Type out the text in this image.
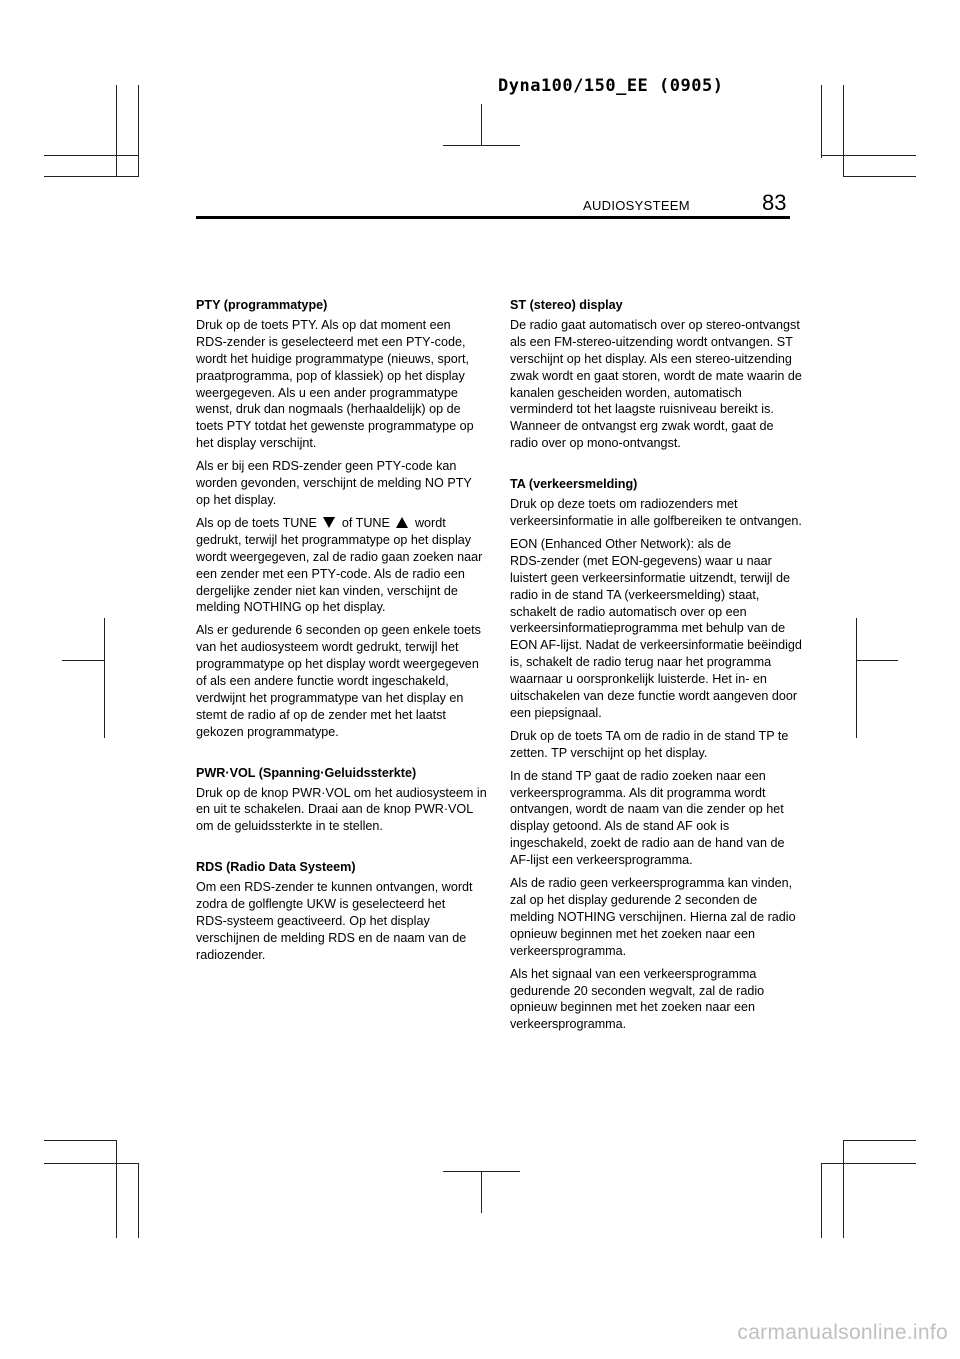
Dyna100/150_EE (0905)
AUDIOSYSTEEM	83
PTY (programmatype)

Druk op de toets PTY. Als op dat moment een RDS‑zender is geselecteerd met een PTY‑code, wordt het huidige programmatype (nieuws, sport, praatprogramma, pop of klassiek) op het display weergegeven. Als u een ander programmatype wenst, druk dan nogmaals (herhaaldelijk) op de toets PTY totdat het gewenste programmatype op het display verschijnt.

Als er bij een RDS‑zender geen PTY‑code kan worden gevonden, verschijnt de melding NO PTY op het display.

Als op de toets TUNE of TUNE wordt gedrukt, terwijl het programmatype op het display wordt weergegeven, zal de radio gaan zoeken naar een zender met een PTY‑code. Als de radio een dergelijke zender niet kan vinden, verschijnt de melding NOTHING op het display.

Als er gedurende 6 seconden op geen enkele toets van het audiosysteem wordt gedrukt, terwijl het programmatype op het display wordt weergegeven of als een andere functie wordt ingeschakeld, verdwijnt het programmatype van het display en stemt de radio af op de zender met het laatst gekozen programmatype.

PWR·VOL (Spanning·Geluidssterkte)

Druk op de knop PWR·VOL om het audiosysteem in en uit te schakelen. Draai aan de knop PWR·VOL om de geluidssterkte in te stellen.

RDS (Radio Data Systeem)

Om een RDS‑zender te kunnen ontvangen, wordt zodra de golflengte UKW is geselecteerd het RDS‑systeem geactiveerd. Op het display verschijnen de melding RDS en de naam van de radiozender.

ST (stereo) display

De radio gaat automatisch over op stereo‑ontvangst als een FM‑stereo‑uitzending wordt ontvangen. ST verschijnt op het display. Als een stereo‑uitzending zwak wordt en gaat storen, wordt de mate waarin de kanalen gescheiden worden, automatisch verminderd tot het laagste ruisniveau bereikt is. Wanneer de ontvangst erg zwak wordt, gaat de radio over op mono‑ontvangst.

TA (verkeersmelding)

Druk op deze toets om radiozenders met verkeersinformatie in alle golfbereiken te ontvangen.

EON (Enhanced Other Network): als de RDS‑zender (met EON‑gegevens) waar u naar luistert geen verkeersinformatie uitzendt, terwijl de radio in de stand TA (verkeersmelding) staat, schakelt de radio automatisch over op een verkeersinformatieprogramma met behulp van de EON AF‑lijst. Nadat de verkeersinformatie beëindigd is, schakelt de radio terug naar het programma waarnaar u oorspronkelijk luisterde. Het in‑ en uitschakelen van deze functie wordt aangeven door een piepsignaal.

Druk op de toets TA om de radio in de stand TP te zetten. TP verschijnt op het display.

In de stand TP gaat de radio zoeken naar een verkeersprogramma. Als dit programma wordt ontvangen, wordt de naam van die zender op het display getoond. Als de stand AF ook is ingeschakeld, zoekt de radio aan de hand van de AF‑lijst een verkeersprogramma.

Als de radio geen verkeersprogramma kan vinden, zal op het display gedurende 2 seconden de melding NOTHING verschijnen. Hierna zal de radio opnieuw beginnen met het zoeken naar een verkeersprogramma.

Als het signaal van een verkeersprogramma gedurende 20 seconden wegvalt, zal de radio opnieuw beginnen met het zoeken naar een verkeersprogramma.

carmanualsonline.info
